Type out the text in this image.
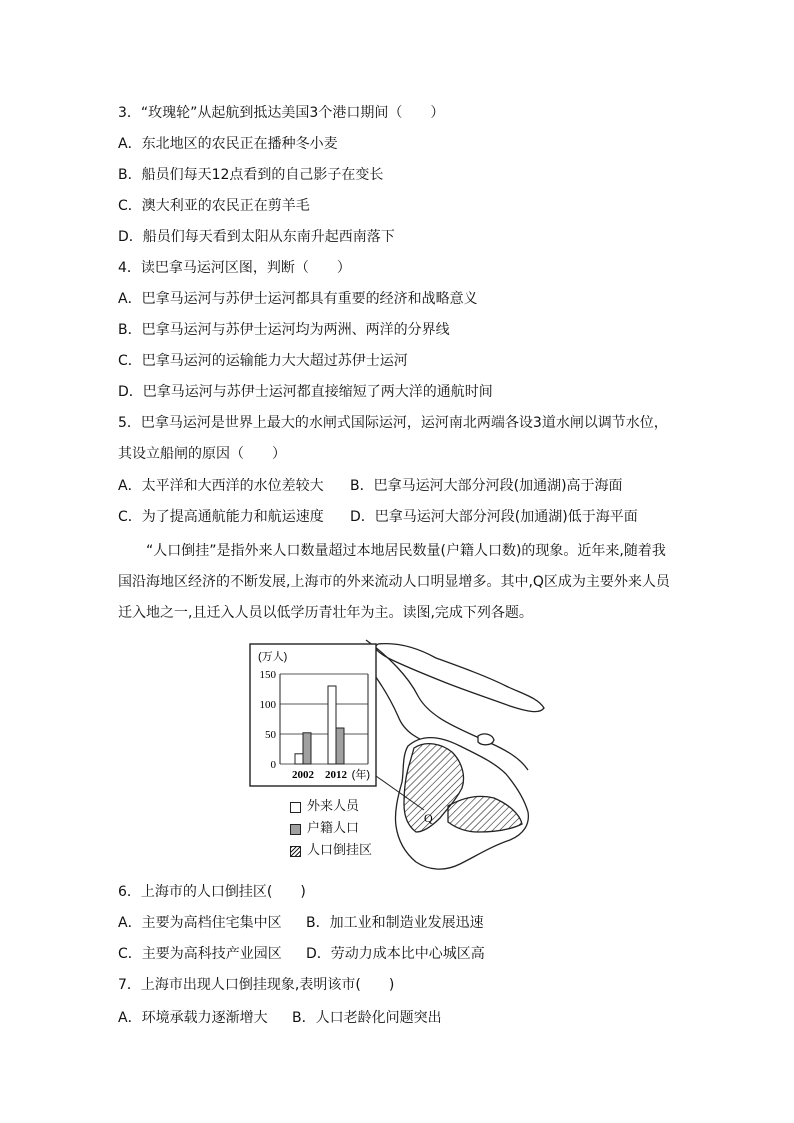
3．“玫瑰轮”从起航到抵达美国3个港口期间（　　）
A．东北地区的农民正在播种冬小麦
B．船员们每天12点看到的自己影子在变长
C．澳大利亚的农民正在剪羊毛
D．船员们每天看到太阳从东南升起西南落下
4．读巴拿马运河区图，判断（　　）
A．巴拿马运河与苏伊士运河都具有重要的经济和战略意义
B．巴拿马运河与苏伊士运河均为两洲、两洋的分界线
C．巴拿马运河的运输能力大大超过苏伊士运河
D．巴拿马运河与苏伊士运河都直接缩短了两大洋的通航时间
5．巴拿马运河是世界上最大的水闸式国际运河，运河南北两端各设3道水闸以调节水位，
其设立船闸的原因（　　）
A．太平洋和大西洋的水位差较大 B．巴拿马运河大部分河段(加通湖)高于海面
C．为了提高通航能力和航运速度 D．巴拿马运河大部分河段(加通湖)低于海平面
　　“人口倒挂”是指外来人口数量超过本地居民数量(户籍人口数)的现象。近年来,随着我国沿海地区经济的不断发展,上海市的外来流动人口明显增多。其中,Q区成为主要外来人员迁入地之一,且迁入人员以低学历青壮年为主。读图,完成下列各题。
150
100
50
0
(万人)
2002 2012 (年)
Q
外来人员
户籍人口
人口倒挂区
6．上海市的人口倒挂区(　　)
A．主要为高档住宅集中区 B．加工业和制造业发展迅速
C．主要为高科技产业园区 D．劳动力成本比中心城区高
7．上海市出现人口倒挂现象,表明该市(　　)
A．环境承载力逐渐增大 B．人口老龄化问题突出
